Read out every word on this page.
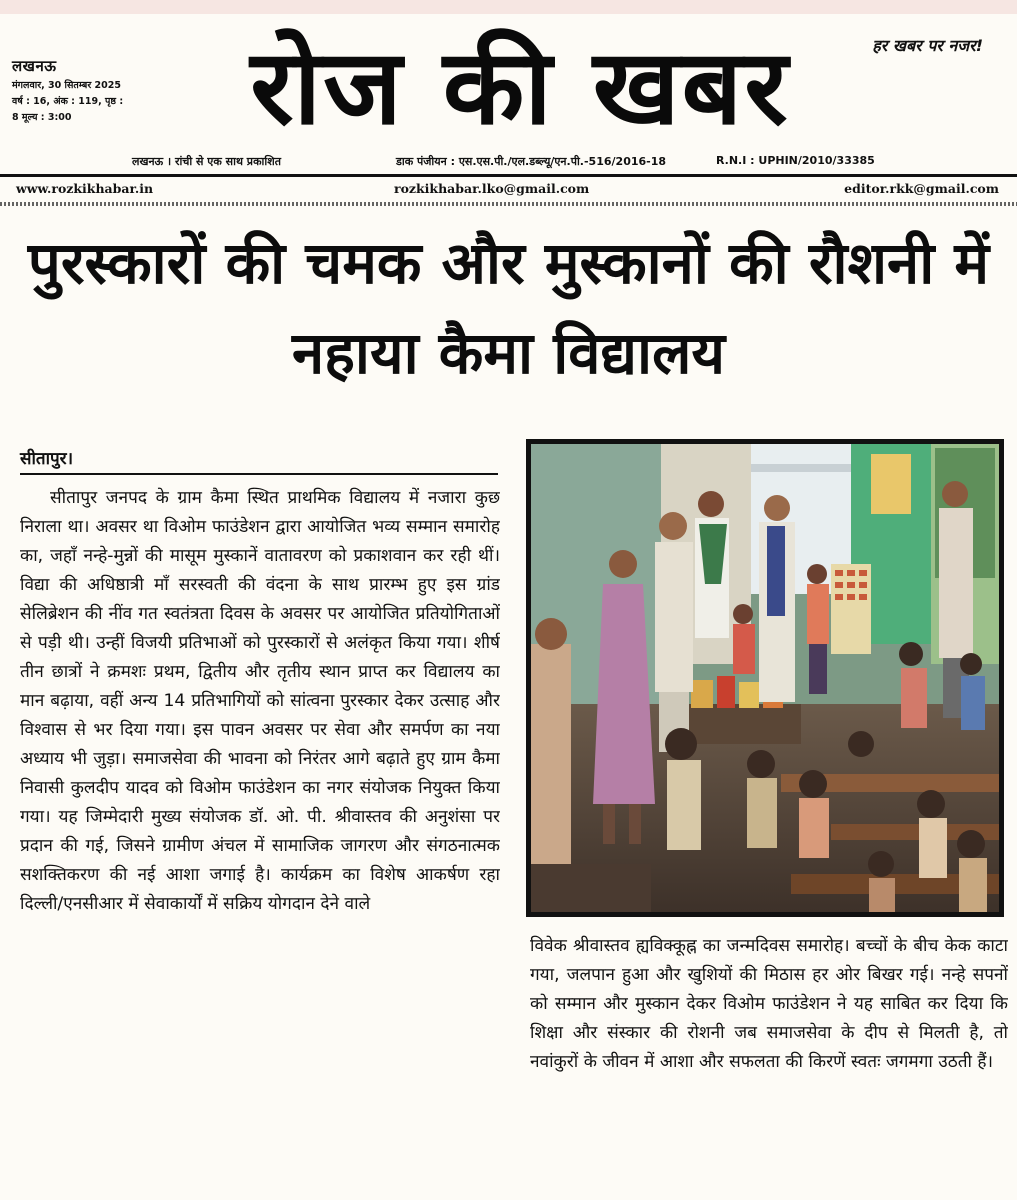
लखनऊ
मंगलवार, 30 सितम्बर 2025 वर्ष : 16, अंक : 119, पृष्ठ : 8 मूल्य : 3:00	रोज की खबर	हर खबर पर नजर!
लखनऊ । रांची से एक साथ प्रकाशित	डाक पंजीयन : एस.एस.पी./एल.डब्ल्यू/एन.पी.-516/2016-18	R.N.I : UPHIN/2010/33385
www.rozkikhabar.in	rozkikhabar.lko@gmail.com	editor.rkk@gmail.com
पुरस्कारों की चमक और मुस्कानों की रौशनी में नहाया कैमा विद्यालय
सीतापुर।
सीतापुर जनपद के ग्राम कैमा स्थित प्राथमिक विद्यालय में नजारा कुछ निराला था। अवसर था विओम फाउंडेशन द्वारा आयोजित भव्य सम्मान समारोह का, जहाँ नन्हे-मुन्नों की मासूम मुस्कानें वातावरण को प्रकाशवान कर रही थीं। विद्या की अधिष्ठात्री माँ सरस्वती की वंदना के साथ प्रारम्भ हुए इस ग्रांड सेलिब्रेशन की नींव गत स्वतंत्रता दिवस के अवसर पर आयोजित प्रतियोगिताओं से पड़ी थी। उन्हीं विजयी प्रतिभाओं को पुरस्कारों से अलंकृत किया गया। शीर्ष तीन छात्रों ने क्रमशः प्रथम, द्वितीय और तृतीय स्थान प्राप्त कर विद्यालय का मान बढ़ाया, वहीं अन्य 14 प्रतिभागियों को सांत्वना पुरस्कार देकर उत्साह और विश्वास से भर दिया गया। इस पावन अवसर पर सेवा और समर्पण का नया अध्याय भी जुड़ा। समाजसेवा की भावना को निरंतर आगे बढ़ाते हुए ग्राम कैमा निवासी कुलदीप यादव को विओम फाउंडेशन का नगर संयोजक नियुक्त किया गया। यह जिम्मेदारी मुख्य संयोजक डॉ. ओ. पी. श्रीवास्तव की अनुशंसा पर प्रदान की गई, जिसने ग्रामीण अंचल में सामाजिक जागरण और संगठनात्मक सशक्तिकरण की नई आशा जगाई है। कार्यक्रम का विशेष आकर्षण रहा दिल्ली/एनसीआर में सेवाकार्यों में सक्रिय योगदान देने वाले
विवेक श्रीवास्तव ह्यविक्कूह्न का जन्मदिवस समारोह। बच्चों के बीच केक काटा गया, जलपान हुआ और खुशियों की मिठास हर ओर बिखर गई। नन्हे सपनों को सम्मान और मुस्कान देकर विओम फाउंडेशन ने यह साबित कर दिया कि शिक्षा और संस्कार की रोशनी जब समाजसेवा के दीप से मिलती है, तो नवांकुरों के जीवन में आशा और सफलता की किरणें स्वतः जगमगा उठती हैं।
